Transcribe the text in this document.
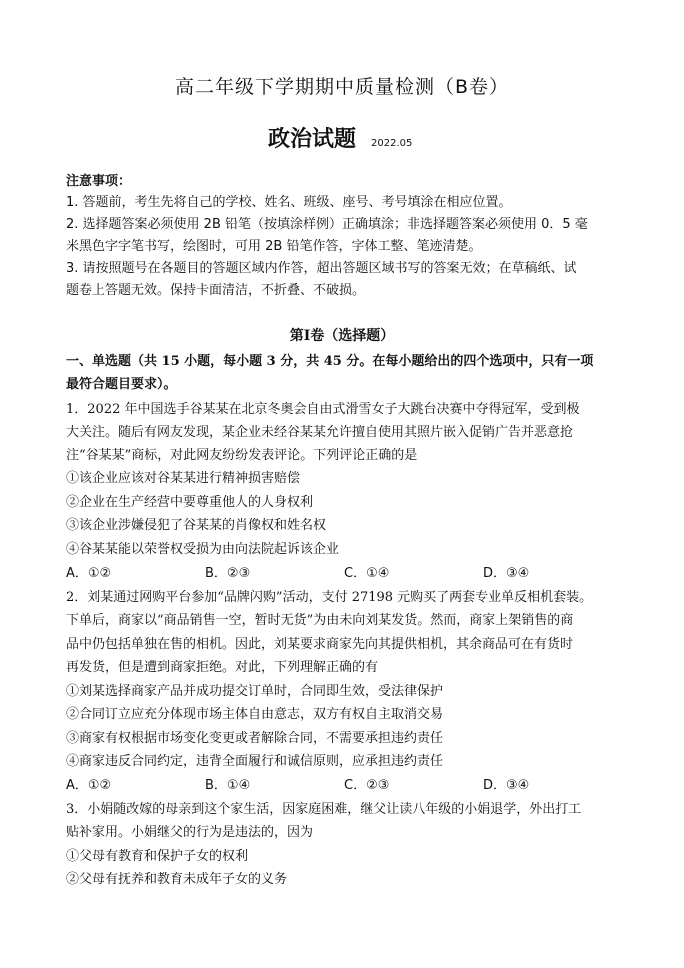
高二年级下学期期中质量检测（B卷）
政治试题 2022.05
注意事项：
1. 答题前，考生先将自己的学校、姓名、班级、座号、考号填涂在相应位置。
2. 选择题答案必须使用 2B 铅笔（按填涂样例）正确填涂；非选择题答案必须使用 0．5 毫
米黑色字字笔书写，绘图时，可用 2B 铅笔作答，字体工整、笔迹清楚。
3. 请按照题号在各题目的答题区域内作答，超出答题区域书写的答案无效；在草稿纸、试
题卷上答题无效。保持卡面清洁，不折叠、不破损。
第Ⅰ卷（选择题）
一、单选题（共 15 小题，每小题 3 分，共 45 分。在每小题给出的四个选项中，只有一项
最符合题目要求）。
1．2022 年中国选手谷某某在北京冬奥会自由式滑雪女子大跳台决赛中夺得冠军，受到极
大关注。随后有网友发现，某企业未经谷某某允许擅自使用其照片嵌入促销广告并恶意抢
注“谷某某”商标，对此网友纷纷发表评论。下列评论正确的是
①该企业应该对谷某某进行精神损害赔偿
②企业在生产经营中要尊重他人的人身权利
③该企业涉嫌侵犯了谷某某的肖像权和姓名权
④谷某某能以荣誉权受损为由向法院起诉该企业
A．①②	B．②③	C．①④	D．③④
2．刘某通过网购平台参加“品牌闪购”活动，支付 27198 元购买了两套专业单反相机套装。
下单后，商家以“商品销售一空，暂时无货”为由未向刘某发货。然而，商家上架销售的商
品中仍包括单独在售的相机。因此，刘某要求商家先向其提供相机，其余商品可在有货时
再发货，但是遭到商家拒绝。对此，下列理解正确的有
①刘某选择商家产品并成功提交订单时，合同即生效，受法律保护
②合同订立应充分体现市场主体自由意志，双方有权自主取消交易
③商家有权根据市场变化变更或者解除合同，不需要承担违约责任
④商家违反合同约定，违背全面履行和诚信原则，应承担违约责任
A．①②	B．①④	C．②③	D．③④
3．小娟随改嫁的母亲到这个家生活，因家庭困难，继父让读八年级的小娟退学，外出打工
贴补家用。小娟继父的行为是违法的，因为
①父母有教育和保护子女的权利
②父母有抚养和教育未成年子女的义务
